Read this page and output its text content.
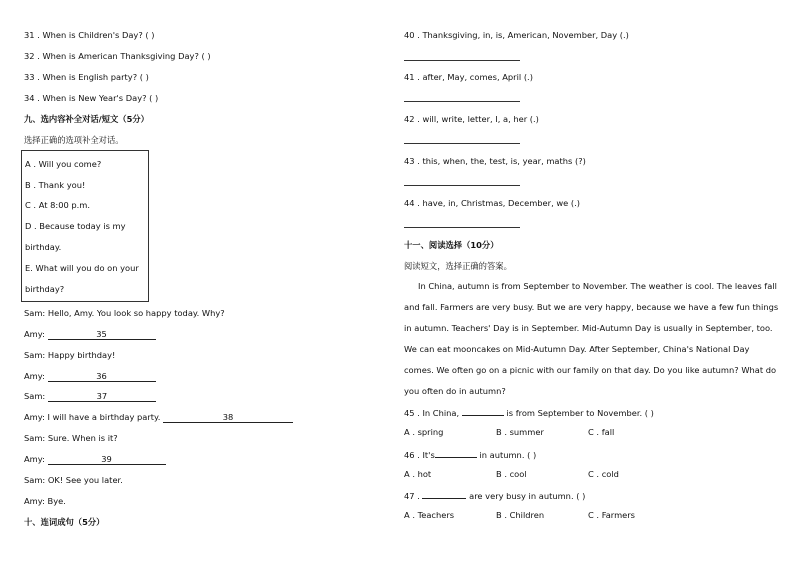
31 . When is Children's Day? ( )
32 . When is American Thanksgiving Day? ( )
33 . When is English party? ( )
34 . When is New Year's Day? ( )
九、选内容补全对话/短文（5分）
选择正确的选项补全对话。
A . Will you come?
B . Thank you!
C . At 8:00 p.m.
D . Because today is my
birthday.
E. What will you do on your
birthday?
Sam: Hello, Amy. You look so happy today. Why?
Amy:	35
Sam: Happy birthday!
Amy:	36
Sam:	37
Amy: I will have a birthday party.	38
Sam: Sure. When is it?
Amy:	39
Sam: OK! See you later.
Amy: Bye.
十、连词成句（5分）
40 . Thanksgiving, in, is, American, November, Day (.)
41 . after, May, comes, April (.)
42 . will, write, letter, I, a, her (.)
43 . this, when, the, test, is, year, maths (?)
44 . have, in, Christmas, December, we (.)
十一、阅读选择（10分）
阅读短文，选择正确的答案。
In China, autumn is from September to November. The weather is cool. The leaves fall
and fall. Farmers are very busy. But we are very happy, because we have a few fun things
in autumn. Teachers' Day is in September. Mid-Autumn Day is usually in September, too.
We can eat mooncakes on Mid-Autumn Day. After September, China's National Day
comes. We often go on a picnic with our family on that day. Do you like autumn? What do
you often do in autumn?
45 . In China,	is from September to November. ( )
A . spring	B . summer	C . fall
46 . It's	in autumn. ( )
A . hot	B . cool	C . cold
47 .	are very busy in autumn. ( )
A . Teachers	B . Children	C . Farmers
